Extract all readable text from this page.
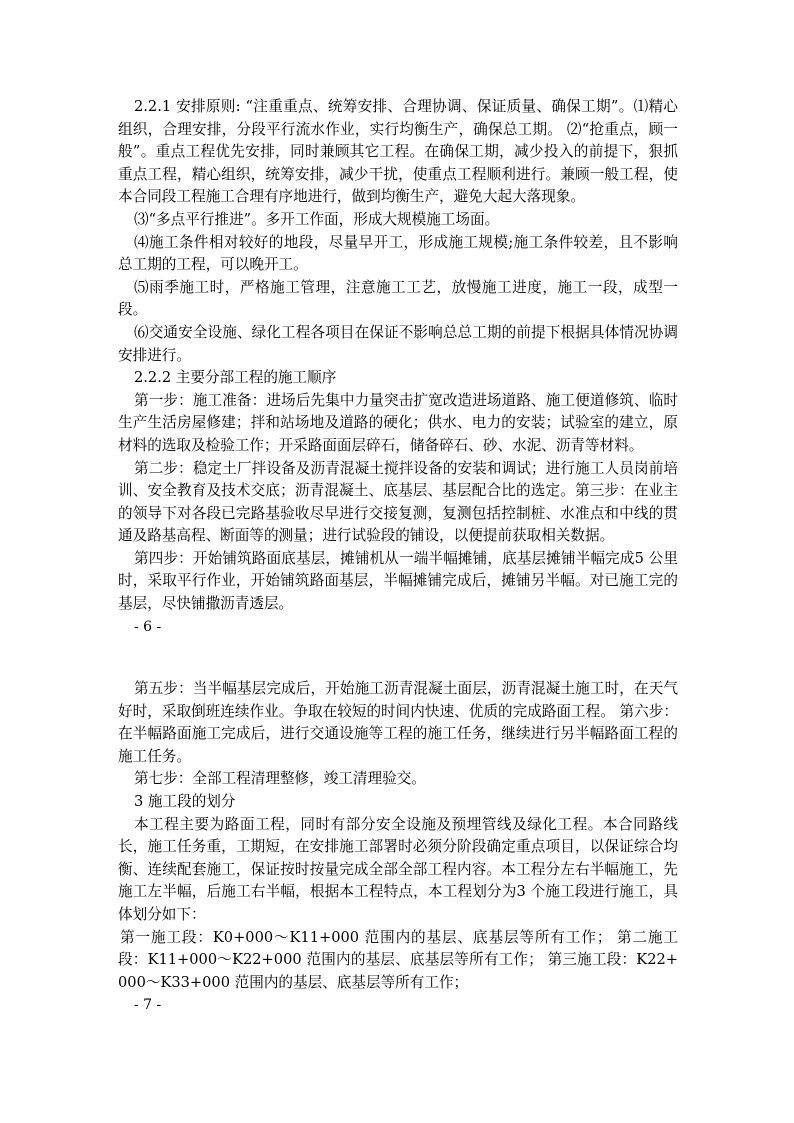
2.2.1 安排原则: “注重重点、统筹安排、合理协调、保证质量、确保工期”。⑴精心组织，合理安排，分段平行流水作业，实行均衡生产，确保总工期。 ⑵“抢重点，顾一般”。重点工程优先安排，同时兼顾其它工程。在确保工期，减少投入的前提下，狠抓重点工程，精心组织，统筹安排，减少干扰，使重点工程顺利进行。兼顾一般工程，使本合同段工程施工合理有序地进行，做到均衡生产，避免大起大落现象。

⑶“多点平行推进”。多开工作面，形成大规模施工场面。

⑷施工条件相对较好的地段，尽量早开工，形成施工规模;施工条件较差，且不影响总工期的工程，可以晚开工。

⑸雨季施工时，严格施工管理，注意施工工艺，放慢施工进度，施工一段，成型一段。

⑹交通安全设施、绿化工程各项目在保证不影响总总工期的前提下根据具体情况协调安排进行。

2.2.2 主要分部工程的施工顺序

第一步：施工准备：进场后先集中力量突击扩宽改造进场道路、施工便道修筑、临时生产生活房屋修建；拌和站场地及道路的硬化；供水、电力的安装；试验室的建立，原材料的选取及检验工作；开采路面面层碎石，储备碎石、砂、水泥、沥青等材料。

第二步：稳定土厂拌设备及沥青混凝土搅拌设备的安装和调试；进行施工人员岗前培训、安全教育及技术交底；沥青混凝土、底基层、基层配合比的选定。第三步：在业主的领导下对各段已完路基验收尽早进行交接复测，复测包括控制桩、水准点和中线的贯通及路基高程、断面等的测量；进行试验段的铺设，以便提前获取相关数据。

第四步：开始铺筑路面底基层，摊铺机从一端半幅摊铺，底基层摊铺半幅完成5 公里时，采取平行作业，开始铺筑路面基层，半幅摊铺完成后，摊铺另半幅。对已施工完的基层，尽快铺撒沥青透层。

- 6 -

第五步：当半幅基层完成后，开始施工沥青混凝土面层，沥青混凝土施工时，在天气好时，采取倒班连续作业。争取在较短的时间内快速、优质的完成路面工程。 第六步：在半幅路面施工完成后，进行交通设施等工程的施工任务，继续进行另半幅路面工程的施工任务。

第七步：全部工程清理整修，竣工清理验交。

3 施工段的划分

本工程主要为路面工程，同时有部分安全设施及预埋管线及绿化工程。本合同路线长，施工任务重，工期短，在安排施工部署时必须分阶段确定重点项目，以保证综合均衡、连续配套施工，保证按时按量完成全部全部工程内容。本工程分左右半幅施工，先施工左半幅，后施工右半幅，根据本工程特点，本工程划分为3 个施工段进行施工，具体划分如下：

第一施工段：K0+000～K11+000 范围内的基层、底基层等所有工作； 第二施工段：K11+000～K22+000 范围内的基层、底基层等所有工作； 第三施工段：K22+000～K33+000 范围内的基层、底基层等所有工作；

- 7 -
